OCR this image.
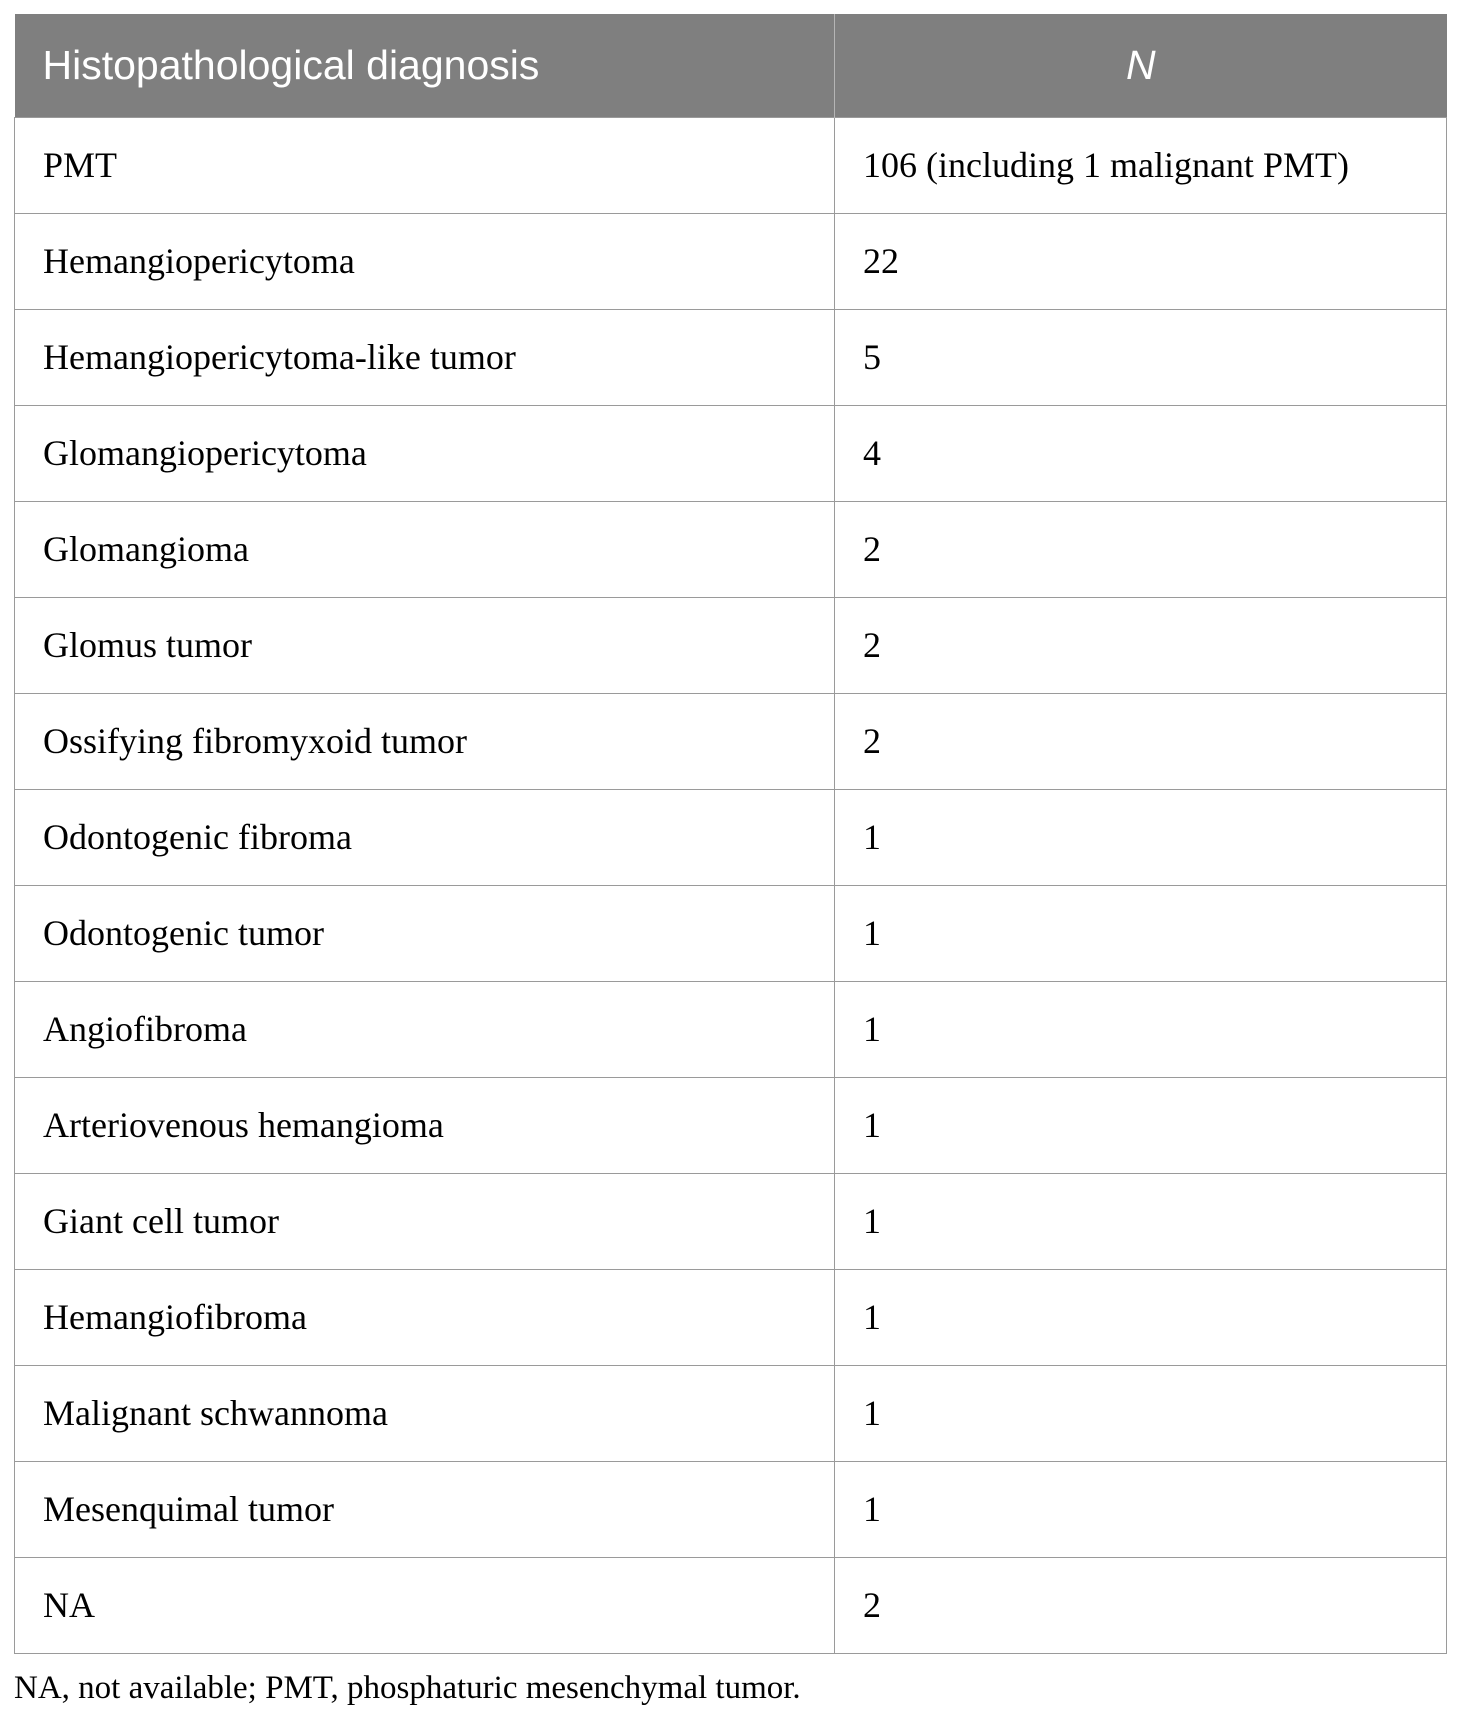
Histopathological diagnosis	N
PMT	106 (including 1 malignant PMT)
Hemangiopericytoma	22
Hemangiopericytoma-like tumor	5
Glomangiopericytoma	4
Glomangioma	2
Glomus tumor	2
Ossifying fibromyxoid tumor	2
Odontogenic fibroma	1
Odontogenic tumor	1
Angiofibroma	1
Arteriovenous hemangioma	1
Giant cell tumor	1
Hemangiofibroma	1
Malignant schwannoma	1
Mesenquimal tumor	1
NA	2
NA, not available; PMT, phosphaturic mesenchymal tumor.
